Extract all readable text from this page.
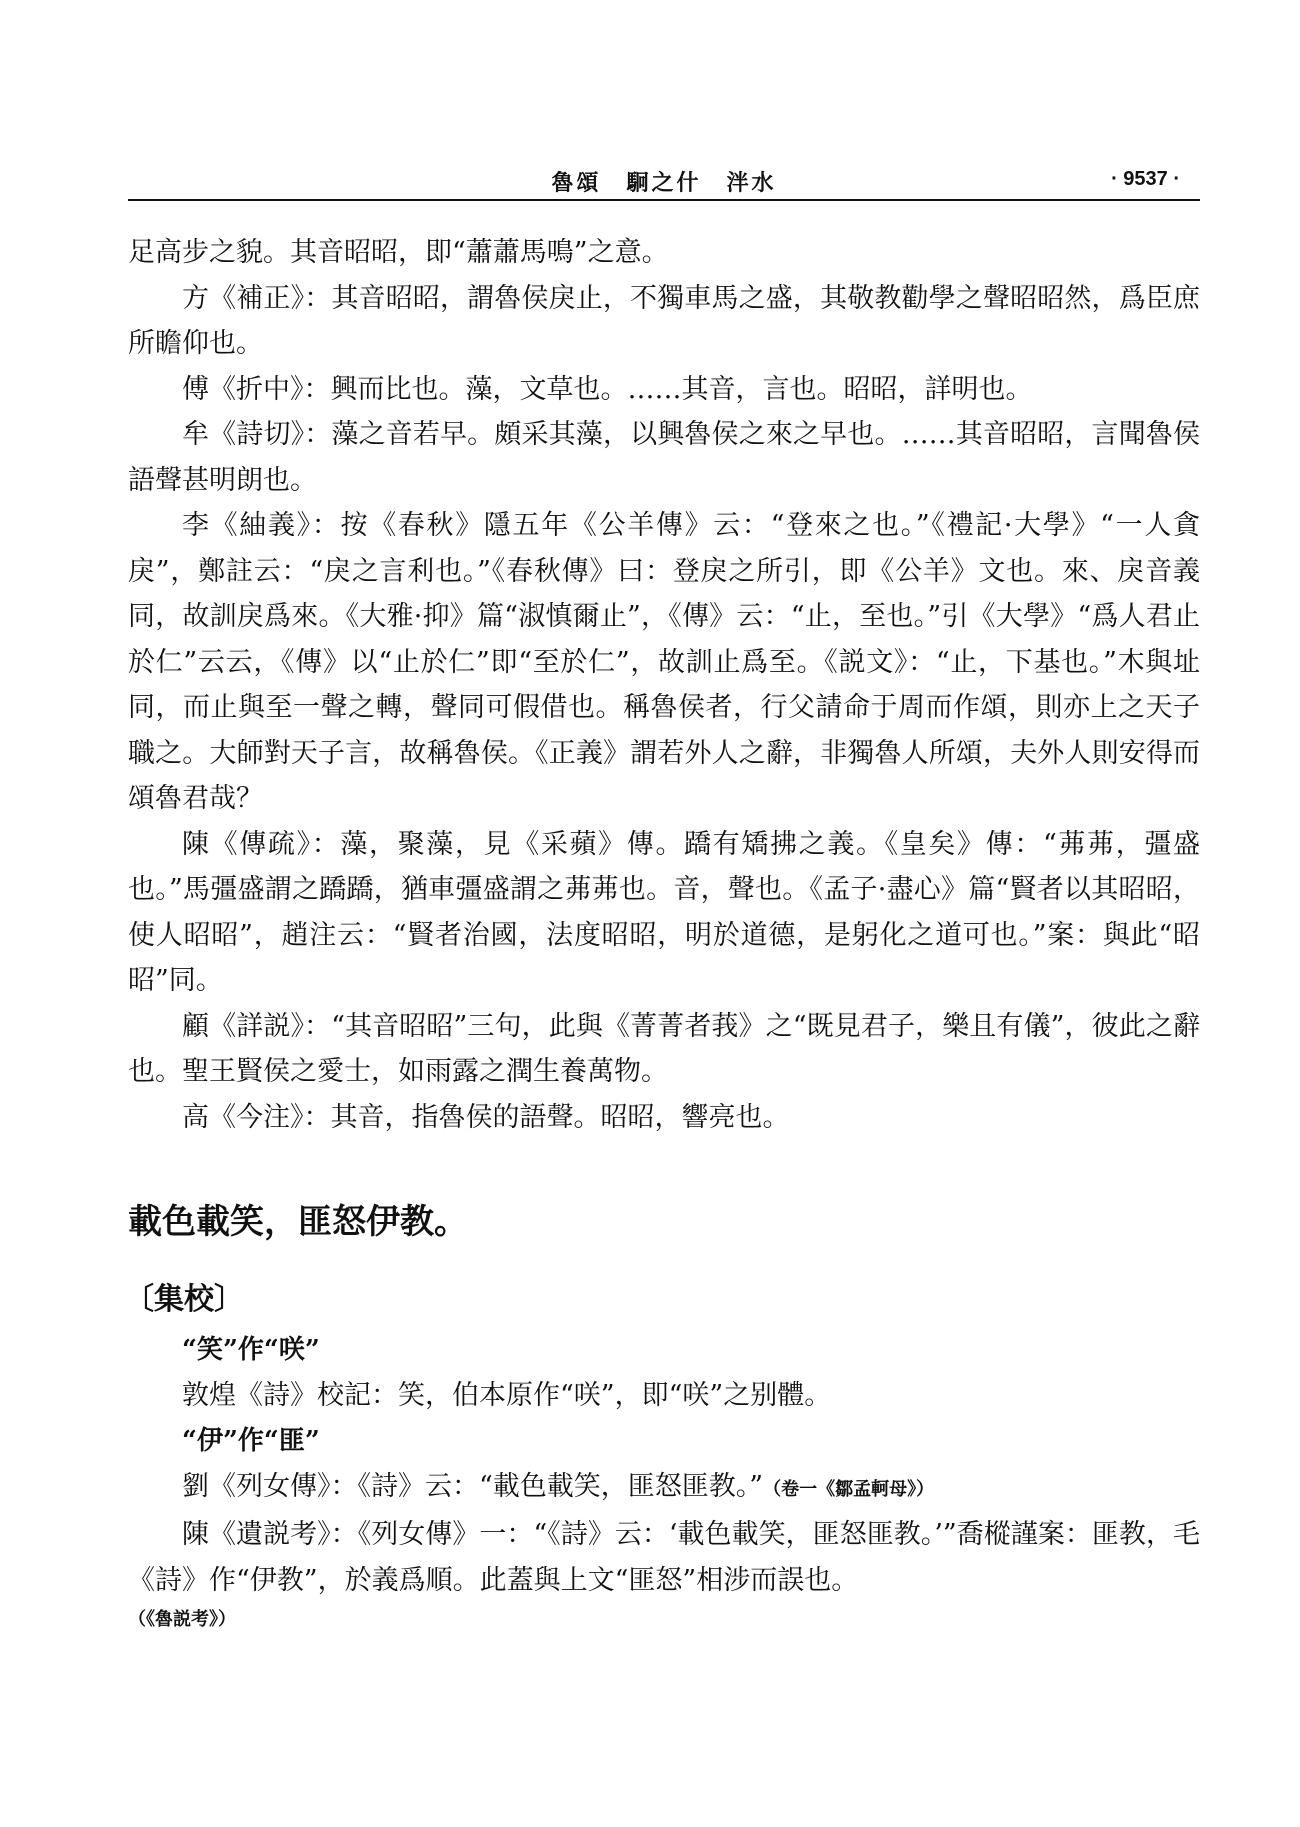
魯頌　駉之什　泮水	· 9537 ·

足高步之貌。其音昭昭，即“蕭蕭馬鳴”之意。

方《補正》：其音昭昭，謂魯侯戾止，不獨車馬之盛，其敬教勸學之聲昭昭然，爲臣庶所瞻仰也。

傅《折中》：興而比也。藻，文草也。……其音，言也。昭昭，詳明也。

牟《詩切》：藻之音若早。頗采其藻，以興魯侯之來之早也。……其音昭昭，言聞魯侯語聲甚明朗也。

李《紬義》：按《春秋》隱五年《公羊傳》云：“登來之也。”《禮記·大學》“一人貪戾”，鄭註云：“戾之言利也。”《春秋傳》曰：登戾之所引，即《公羊》文也。來、戾音義同，故訓戾爲來。《大雅·抑》篇“淑慎爾止”，《傳》云：“止，至也。”引《大學》“爲人君止於仁”云云，《傳》以“止於仁”即“至於仁”，故訓止爲至。《説文》：“止，下基也。”木與址同，而止與至一聲之轉，聲同可假借也。稱魯侯者，行父請命于周而作頌，則亦上之天子職之。大師對天子言，故稱魯侯。《正義》謂若外人之辭，非獨魯人所頌，夫外人則安得而頌魯君哉？

陳《傳疏》：藻，聚藻，見《采蘋》傳。蹻有矯拂之義。《皇矣》傳：“茀茀，彊盛也。”馬彊盛謂之蹻蹻，猶車彊盛謂之茀茀也。音，聲也。《孟子·盡心》篇“賢者以其昭昭，使人昭昭”，趙注云：“賢者治國，法度昭昭，明於道德，是躬化之道可也。”案：與此“昭昭”同。

顧《詳説》：“其音昭昭”三句，此與《菁菁者莪》之“既見君子，樂且有儀”，彼此之辭也。聖王賢侯之愛士，如雨露之潤生養萬物。

高《今注》：其音，指魯侯的語聲。昭昭，響亮也。

載色載笑，匪怒伊教。
〔集校〕
“笑”作“咲”

敦煌《詩》校記：笑，伯本原作“咲”，即“咲”之别體。

“伊”作“匪”

劉《列女傳》：《詩》云：“載色載笑，匪怒匪教。”（卷一《鄒孟軻母》）

陳《遺説考》：《列女傳》一：“《詩》云：‘載色載笑，匪怒匪教。’”喬樅謹案：匪教，毛《詩》作“伊教”，於義爲順。此蓋與上文“匪怒”相涉而誤也。

（《魯説考》）
